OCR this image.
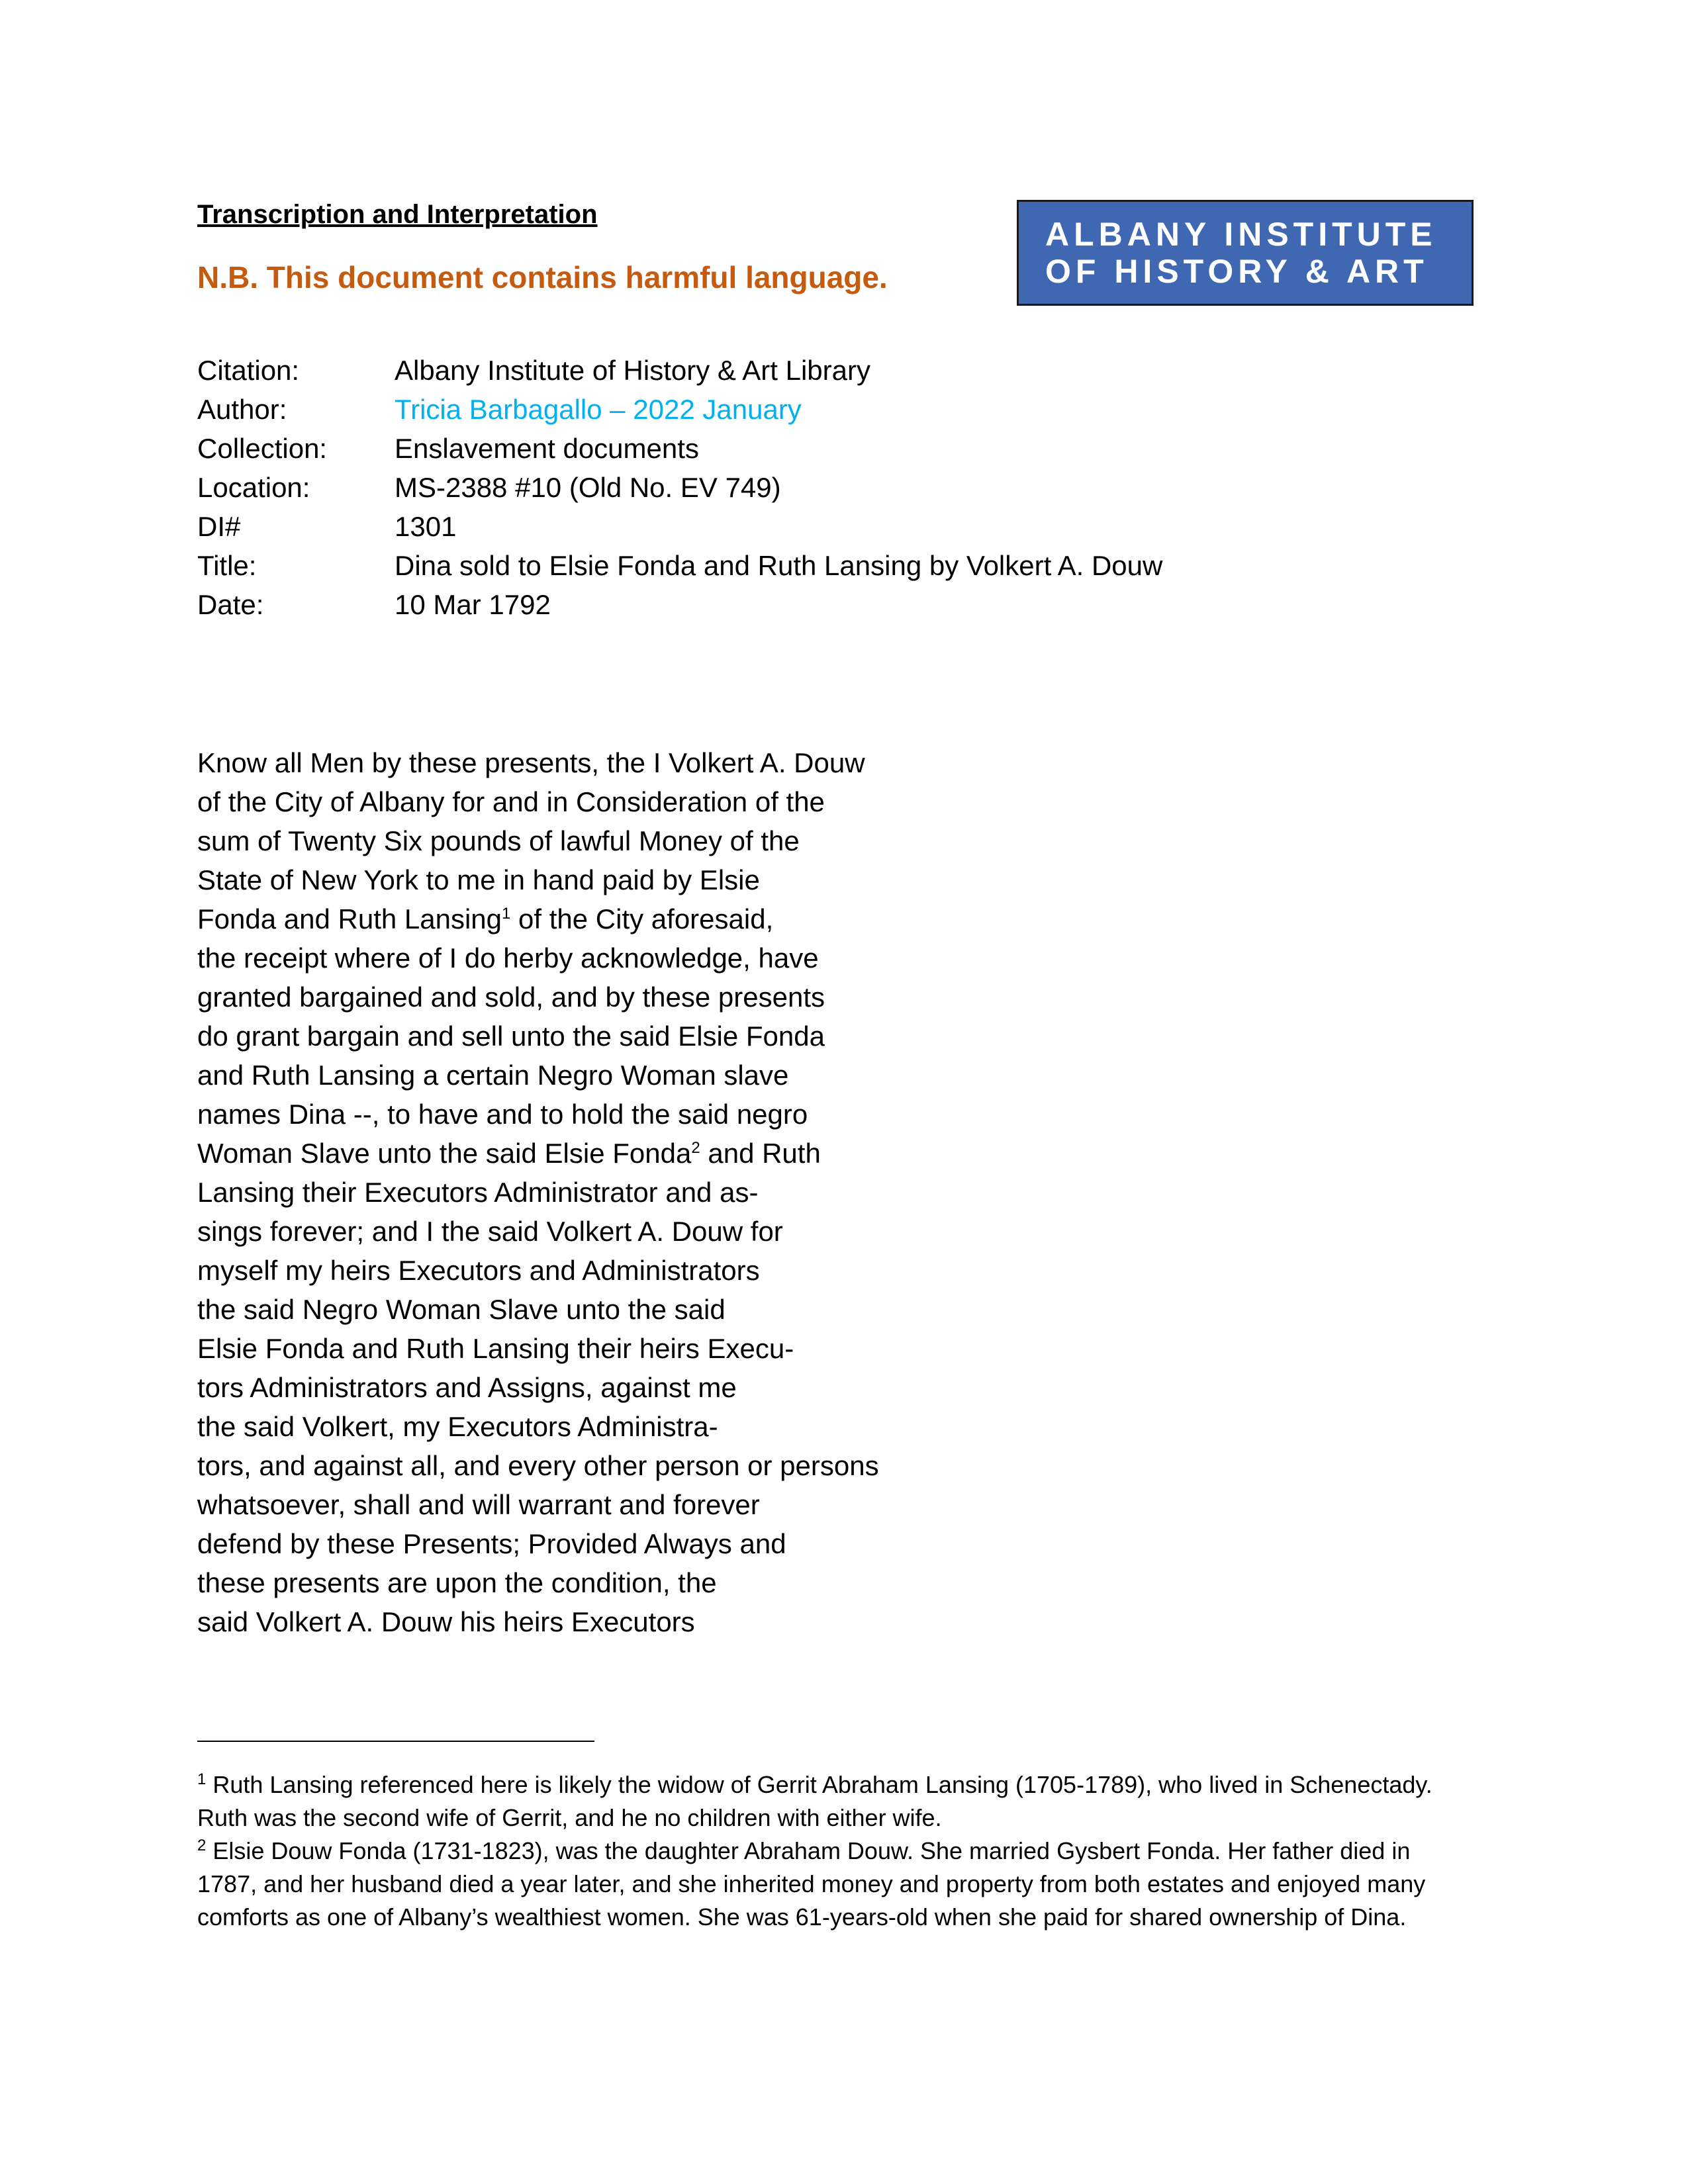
Transcription and Interpretation
N.B. This document contains harmful language.
ALBANY INSTITUTE
OF HISTORY & ART
Citation:	Albany Institute of History & Art Library
Author:	Tricia Barbagallo – 2022 January
Collection:	Enslavement documents
Location:	MS-2388 #10 (Old No. EV 749)
DI#	1301
Title:	Dina sold to Elsie Fonda and Ruth Lansing by Volkert A. Douw
Date:	10 Mar 1792
Know all Men by these presents, the I Volkert A. Douw
of the City of Albany for and in Consideration of the
sum of Twenty Six pounds of lawful Money of the
State of New York to me in hand paid by Elsie
Fonda and Ruth Lansing$^1$ of the City aforesaid,
the receipt where of I do herby acknowledge, have
granted bargained and sold, and by these presents
do grant bargain and sell unto the said Elsie Fonda
and Ruth Lansing a certain Negro Woman slave
names Dina --, to have and to hold the said negro
Woman Slave unto the said Elsie Fonda$^2$ and Ruth
Lansing their Executors Administrator and as-
sings forever; and I the said Volkert A. Douw for
myself my heirs Executors and Administrators
the said Negro Woman Slave unto the said
Elsie Fonda and Ruth Lansing their heirs Execu-
tors Administrators and Assigns, against me
the said Volkert, my Executors Administra-
tors, and against all, and every other person or persons
whatsoever, shall and will warrant and forever
defend by these Presents; Provided Always and
these presents are upon the condition, the
said Volkert A. Douw his heirs Executors

$^1$ Ruth Lansing referenced here is likely the widow of Gerrit Abraham Lansing (1705-1789), who lived in Schenectady. Ruth was the second wife of Gerrit, and he no children with either wife.

$^2$ Elsie Douw Fonda (1731-1823), was the daughter Abraham Douw. She married Gysbert Fonda. Her father died in 1787, and her husband died a year later, and she inherited money and property from both estates and enjoyed many comforts as one of Albany’s wealthiest women. She was 61-years-old when she paid for shared ownership of Dina.
